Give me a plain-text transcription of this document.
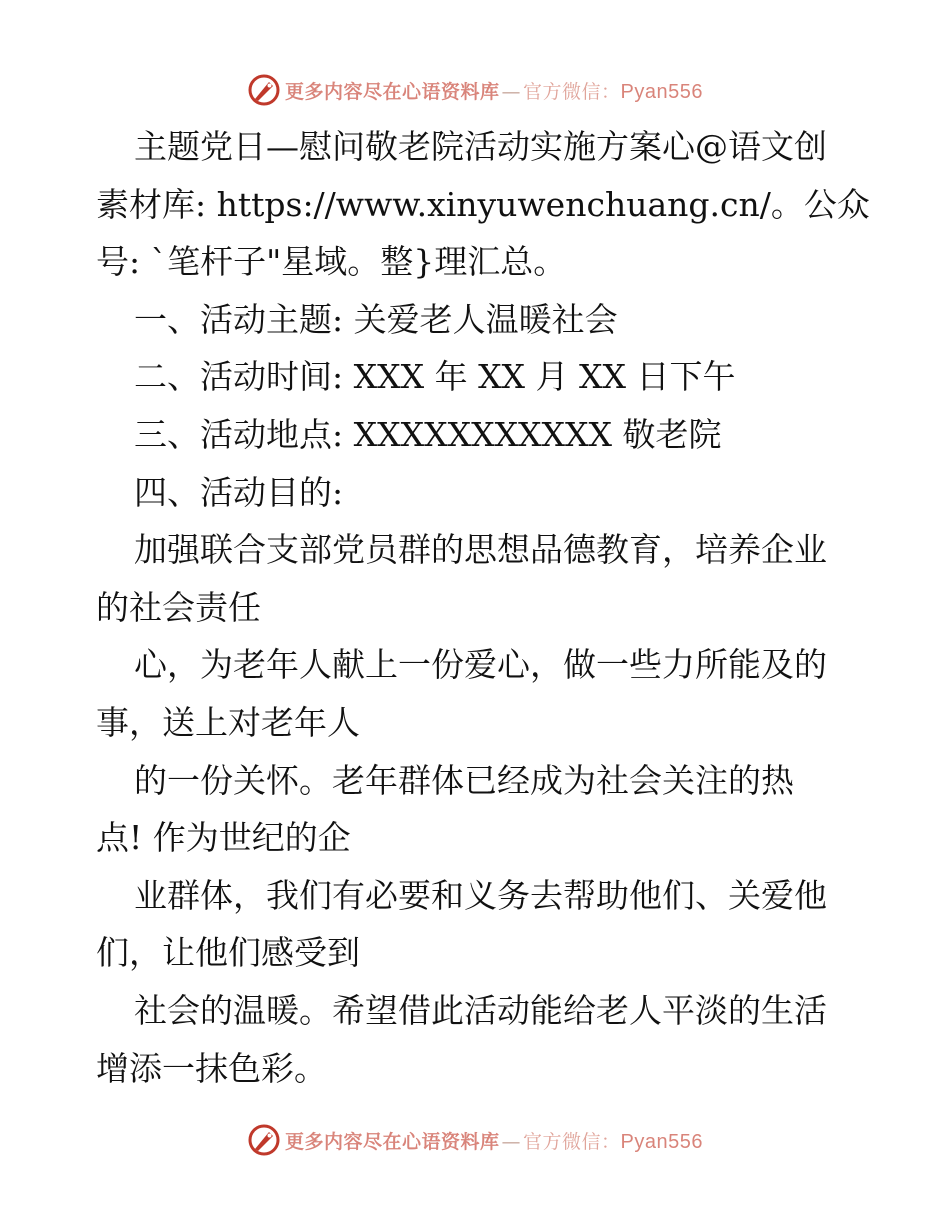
更多内容尽在心语资料库 — 官方微信：Pyan556
主题党日—慰问敬老院活动实施方案心@语文创
素材库: https://www.xinyuwenchuang.cn/。公众
号: `笔杆子"星域。整}理汇总。
一、活动主题: 关爱老人温暖社会
二、活动时间: XXX 年 XX 月 XX 日下午
三、活动地点: XXXXXXXXXXX 敬老院
四、活动目的:
加强联合支部党员群的思想品德教育，培养企业
的社会责任
心，为老年人献上一份爱心，做一些力所能及的
事，送上对老年人
的一份关怀。老年群体已经成为社会关注的热
点! 作为世纪的企
业群体，我们有必要和义务去帮助他们、关爱他
们，让他们感受到
社会的温暖。希望借此活动能给老人平淡的生活
增添一抹色彩。
更多内容尽在心语资料库 — 官方微信：Pyan556
